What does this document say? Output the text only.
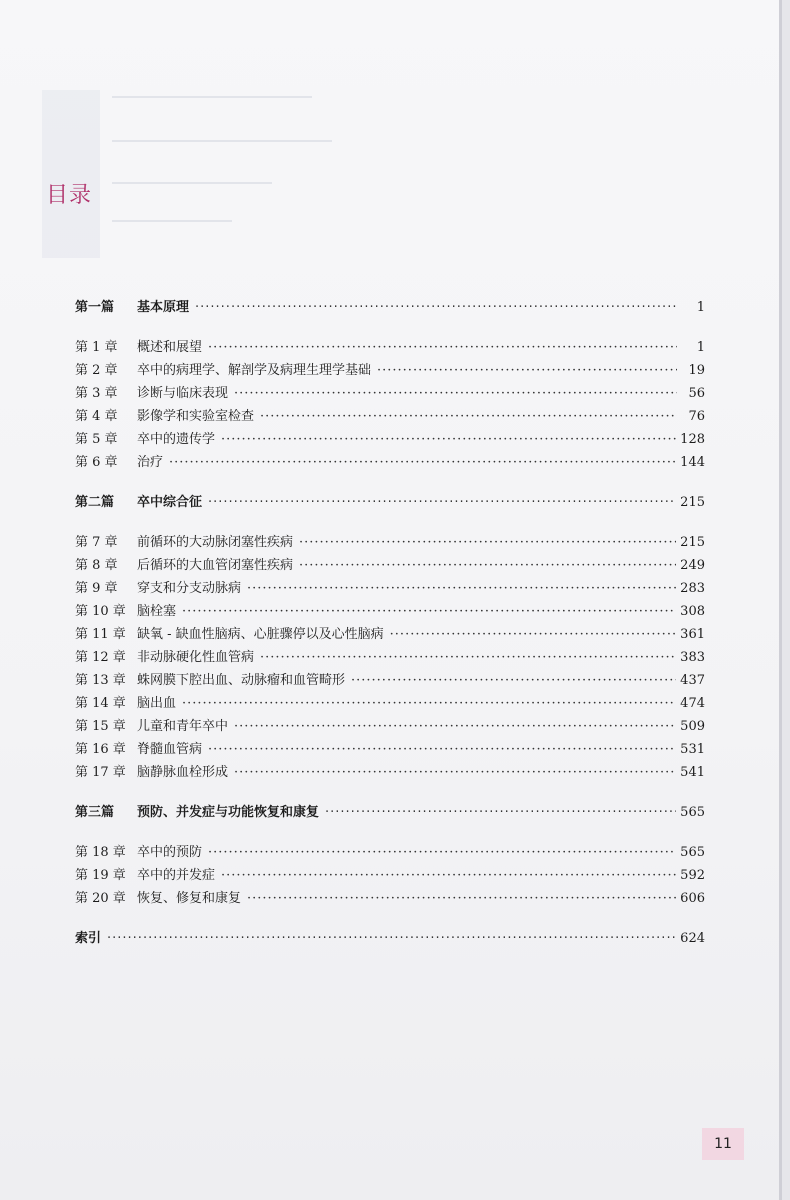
目录
第一篇	基本原理 ·····	1
第 1 章	概述和展望 ·····	1
第 2 章	卒中的病理学、解剖学及病理生理学基础 ·····	19
第 3 章	诊断与临床表现 ·····	56
第 4 章	影像学和实验室检查 ·····	76
第 5 章	卒中的遗传学 ·····	128
第 6 章	治疗 ·····	144
第二篇	卒中综合征 ·····	215
第 7 章	前循环的大动脉闭塞性疾病 ·····	215
第 8 章	后循环的大血管闭塞性疾病 ·····	249
第 9 章	穿支和分支动脉病 ·····	283
第 10 章 脑栓塞 ·····	308
第 11 章 缺氧 - 缺血性脑病、心脏骤停以及心性脑病 ·····	361
第 12 章 非动脉硬化性血管病 ·····	383
第 13 章 蛛网膜下腔出血、动脉瘤和血管畸形 ·····	437
第 14 章 脑出血 ·····	474
第 15 章 儿童和青年卒中 ·····	509
第 16 章 脊髓血管病 ·····	531
第 17 章 脑静脉血栓形成 ·····	541
第三篇	预防、并发症与功能恢复和康复 ·····	565
第 18 章 卒中的预防 ·····	565
第 19 章 卒中的并发症 ·····	592
第 20 章 恢复、修复和康复 ·····	606
索引 ·····	624
11
